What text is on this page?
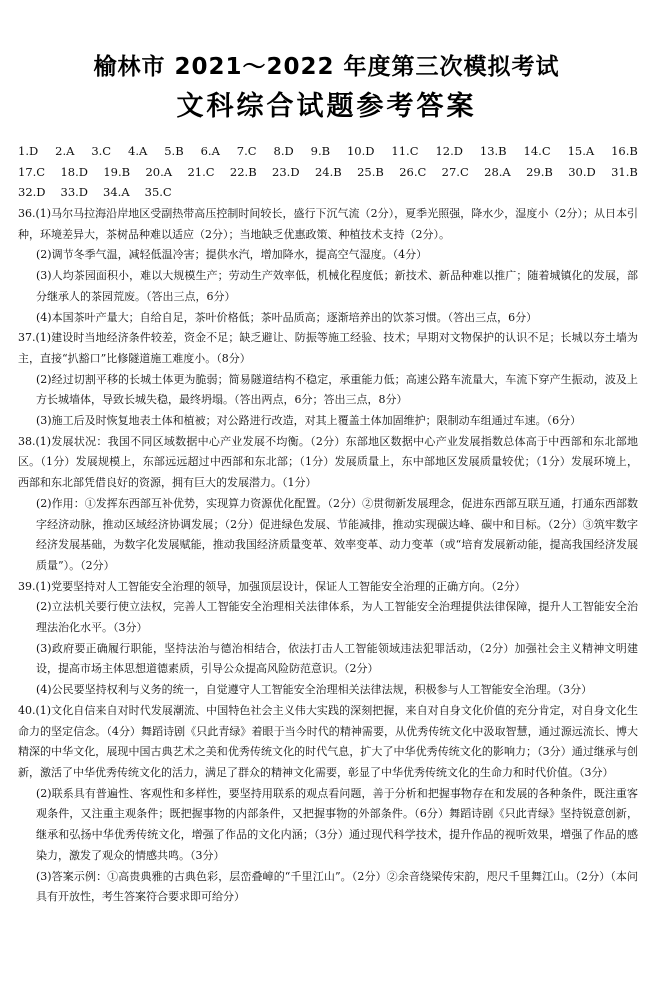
榆林市 2021～2022 年度第三次模拟考试
文科综合试题参考答案
1.D 2.A 3.C 4.A 5.B 6.A 7.C 8.D 9.B 10.D 11.C 12.D 13.B 14.C 15.A 16.B
17.C 18.D 19.B 20.A 21.C 22.B 23.D 24.B 25.B 26.C 27.C 28.A 29.B 30.D 31.B
32.D 33.D 34.A 35.C

36.(1)马尔马拉海沿岸地区受副热带高压控制时间较长，盛行下沉气流（2分），夏季光照强，降水少，湿度小（2分）；从日本引种，环境差异大，茶树品种难以适应（2分）；当地缺乏优惠政策、种植技术支持（2分）。

(2)调节冬季气温，减轻低温冷害；提供水汽，增加降水，提高空气湿度。（4分）

(3)人均茶园面积小，难以大规模生产；劳动生产效率低，机械化程度低；新技术、新品种难以推广；随着城镇化的发展，部分继承人的茶园荒废。（答出三点，6分）

(4)本国茶叶产量大；自给自足，茶叶价格低；茶叶品质高；逐渐培养出的饮茶习惯。（答出三点，6分）

37.(1)建设时当地经济条件较差，资金不足；缺乏避让、防振等施工经验、技术；早期对文物保护的认识不足；长城以夯土墙为主，直接“扒豁口”比修隧道施工难度小。（8分）

(2)经过切割平移的长城土体更为脆弱；简易隧道结构不稳定，承重能力低；高速公路车流量大，车流下穿产生振动，波及上方长城墙体，导致长城失稳，最终坍塌。（答出两点，6分；答出三点，8分）

(3)施工后及时恢复地表土体和植被；对公路进行改造，对其上覆盖土体加固维护；限制动车组通过车速。（6分）

38.(1)发展状况：我国不同区域数据中心产业发展不均衡。（2分）东部地区数据中心产业发展指数总体高于中西部和东北部地区。（1分）发展规模上，东部远远超过中西部和东北部；（1分）发展质量上，东中部地区发展质量较优；（1分）发展环境上，西部和东北部凭借良好的资源，拥有巨大的发展潜力。（1分）

(2)作用：①发挥东西部互补优势，实现算力资源优化配置。（2分）②贯彻新发展理念，促进东西部互联互通，打通东西部数字经济动脉，推动区域经济协调发展；（2分）促进绿色发展、节能减排，推动实现碳达峰、碳中和目标。（2分）③筑牢数字经济发展基础，为数字化发展赋能，推动我国经济质量变革、效率变革、动力变革（或“培育发展新动能，提高我国经济发展质量”）。（2分）

39.(1)党要坚持对人工智能安全治理的领导，加强顶层设计，保证人工智能安全治理的正确方向。（2分）

(2)立法机关要行使立法权，完善人工智能安全治理相关法律体系，为人工智能安全治理提供法律保障，提升人工智能安全治理法治化水平。（3分）

(3)政府要正确履行职能，坚持法治与德治相结合，依法打击人工智能领域违法犯罪活动，（2分）加强社会主义精神文明建设，提高市场主体思想道德素质，引导公众提高风险防范意识。（2分）

(4)公民要坚持权利与义务的统一，自觉遵守人工智能安全治理相关法律法规，积极参与人工智能安全治理。（3分）

40.(1)文化自信来自对时代发展潮流、中国特色社会主义伟大实践的深刻把握，来自对自身文化价值的充分肯定，对自身文化生命力的坚定信念。（4分）舞蹈诗剧《只此青绿》着眼于当今时代的精神需要，从优秀传统文化中汲取智慧，通过源远流长、博大精深的中华文化，展现中国古典艺术之美和优秀传统文化的时代气息，扩大了中华优秀传统文化的影响力；（3分）通过继承与创新，激活了中华优秀传统文化的活力，满足了群众的精神文化需要，彰显了中华优秀传统文化的生命力和时代价值。（3分）

(2)联系具有普遍性、客观性和多样性，要坚持用联系的观点看问题，善于分析和把握事物存在和发展的各种条件，既注重客观条件，又注重主观条件；既把握事物的内部条件，又把握事物的外部条件。（6分）舞蹈诗剧《只此青绿》坚持锐意创新，继承和弘扬中华优秀传统文化，增强了作品的文化内涵；（3分）通过现代科学技术，提升作品的视听效果，增强了作品的感染力，激发了观众的情感共鸣。（3分）

(3)答案示例：①高贵典雅的古典色彩，层峦叠嶂的“千里江山”。（2分）②余音绕梁传宋韵，咫尺千里舞江山。（2分）（本问具有开放性，考生答案符合要求即可给分）
